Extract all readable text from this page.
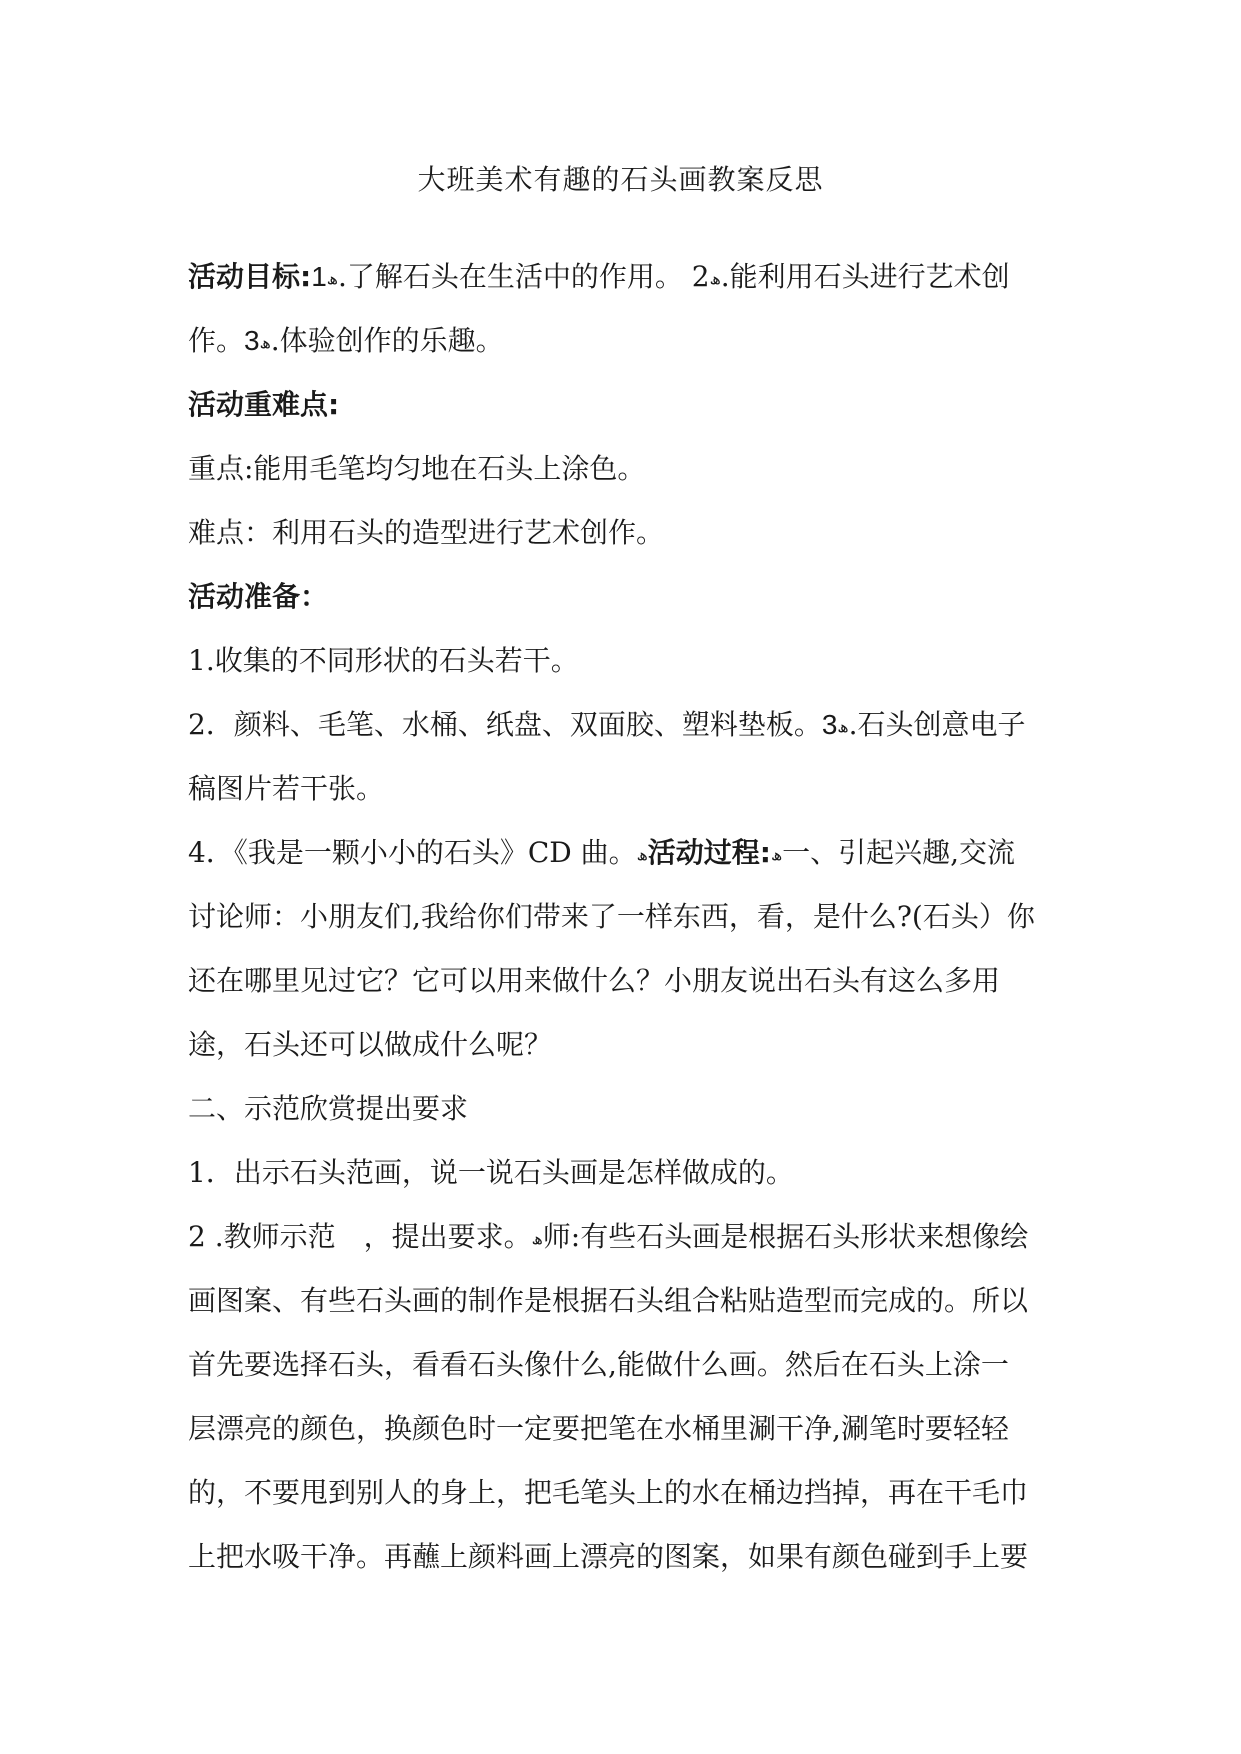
大班美术有趣的石头画教案反思
活动目标:1ھ.了解石头在生活中的作用。 2ھ.能利用石头进行艺术创
作。3ھ.体验创作的乐趣。
活动重难点:
重点:能用毛笔均匀地在石头上涂色。
难点：利用石头的造型进行艺术创作。
活动准备：
1.收集的不同形状的石头若干。
2．颜料、毛笔、水桶、纸盘、双面胶、塑料垫板。3ھ.石头创意电子
稿图片若干张。
4．《我是一颗小小的石头》CD 曲。ھ活动过程:ھ一、引起兴趣,交流
讨论师：小朋友们,我给你们带来了一样东西，看，是什么?(石头）你
还在哪里见过它？它可以用来做什么？小朋友说出石头有这么多用
途，石头还可以做成什么呢？
二、示范欣赏提出要求
1．出示石头范画，说一说石头画是怎样做成的。
2 .教师示范　，提出要求。ھ师:有些石头画是根据石头形状来想像绘
画图案、有些石头画的制作是根据石头组合粘贴造型而完成的。所以
首先要选择石头，看看石头像什么,能做什么画。然后在石头上涂一
层漂亮的颜色，换颜色时一定要把笔在水桶里涮干净,涮笔时要轻轻
的，不要甩到别人的身上，把毛笔头上的水在桶边挡掉，再在干毛巾
上把水吸干净。再蘸上颜料画上漂亮的图案，如果有颜色碰到手上要
